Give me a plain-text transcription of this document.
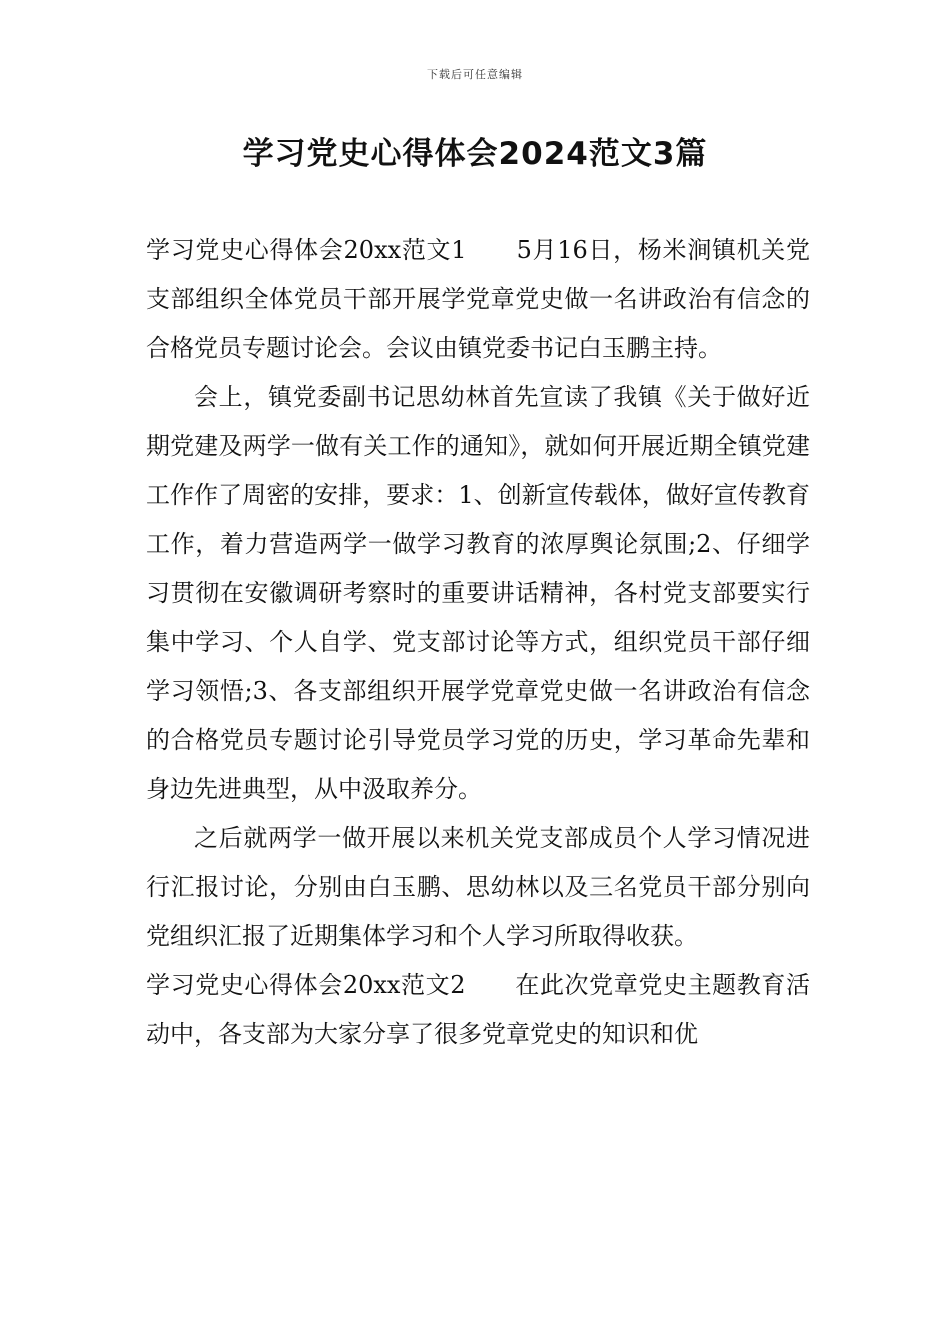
下载后可任意编辑
学习党史心得体会2024范文3篇

学习党史心得体会20xx范文1　　5月16日，杨米涧镇机关党支部组织全体党员干部开展学党章党史做一名讲政治有信念的合格党员专题讨论会。会议由镇党委书记白玉鹏主持。

会上，镇党委副书记思幼林首先宣读了我镇《关于做好近期党建及两学一做有关工作的通知》，就如何开展近期全镇党建工作作了周密的安排，要求：1、创新宣传载体，做好宣传教育工作，着力营造两学一做学习教育的浓厚舆论氛围;2、仔细学习贯彻在安徽调研考察时的重要讲话精神，各村党支部要实行集中学习、个人自学、党支部讨论等方式，组织党员干部仔细学习领悟;3、各支部组织开展学党章党史做一名讲政治有信念的合格党员专题讨论引导党员学习党的历史，学习革命先辈和身边先进典型，从中汲取养分。

之后就两学一做开展以来机关党支部成员个人学习情况进行汇报讨论，分别由白玉鹏、思幼林以及三名党员干部分别向党组织汇报了近期集体学习和个人学习所取得收获。

学习党史心得体会20xx范文2　　在此次党章党史主题教育活动中，各支部为大家分享了很多党章党史的知识和优
